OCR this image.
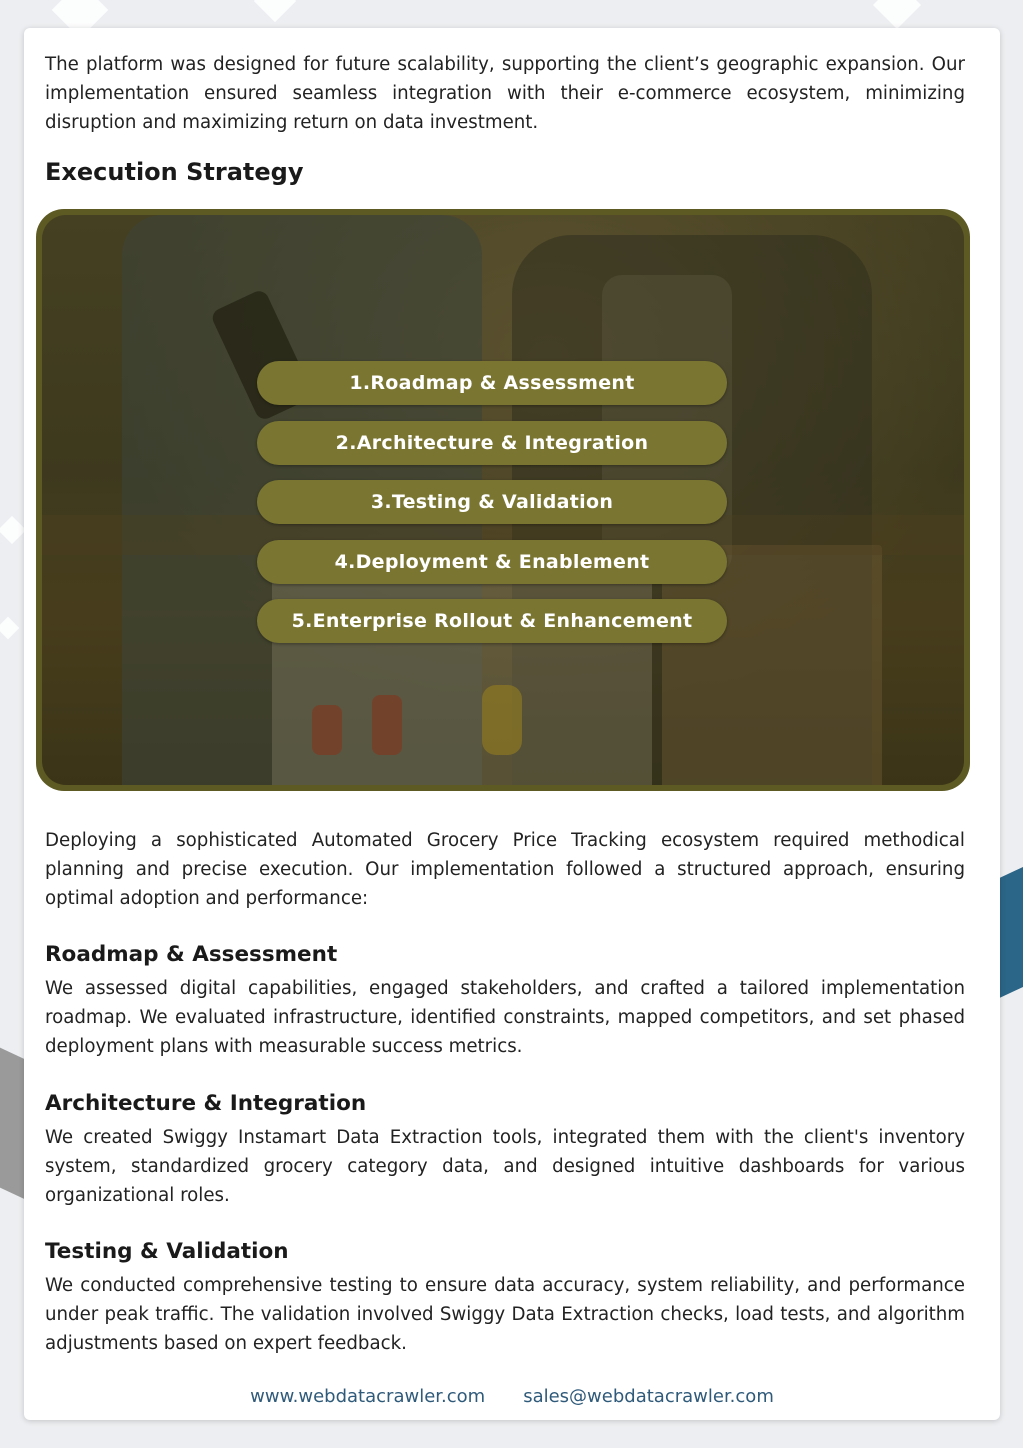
The platform was designed for future scalability, supporting the client’s geographic expansion. Our implementation ensured seamless integration with their e-commerce ecosystem, minimizing disruption and maximizing return on data investment.

Execution Strategy
1.Roadmap & Assessment
2.Architecture & Integration
3.Testing & Validation
4.Deployment & Enablement
5.Enterprise Rollout & Enhancement

Deploying a sophisticated Automated Grocery Price Tracking ecosystem required methodical planning and precise execution. Our implementation followed a structured approach, ensuring optimal adoption and performance:

Roadmap & Assessment

We assessed digital capabilities, engaged stakeholders, and crafted a tailored implementation roadmap. We evaluated infrastructure, identified constraints, mapped competitors, and set phased deployment plans with measurable success metrics.

Architecture & Integration

We created Swiggy Instamart Data Extraction tools, integrated them with the client's inventory system, standardized grocery category data, and designed intuitive dashboards for various organizational roles.

Testing & Validation

We conducted comprehensive testing to ensure data accuracy, system reliability, and performance under peak traffic. The validation involved Swiggy Data Extraction checks, load tests, and algorithm adjustments based on expert feedback.

www.webdatacrawler.com sales@webdatacrawler.com
